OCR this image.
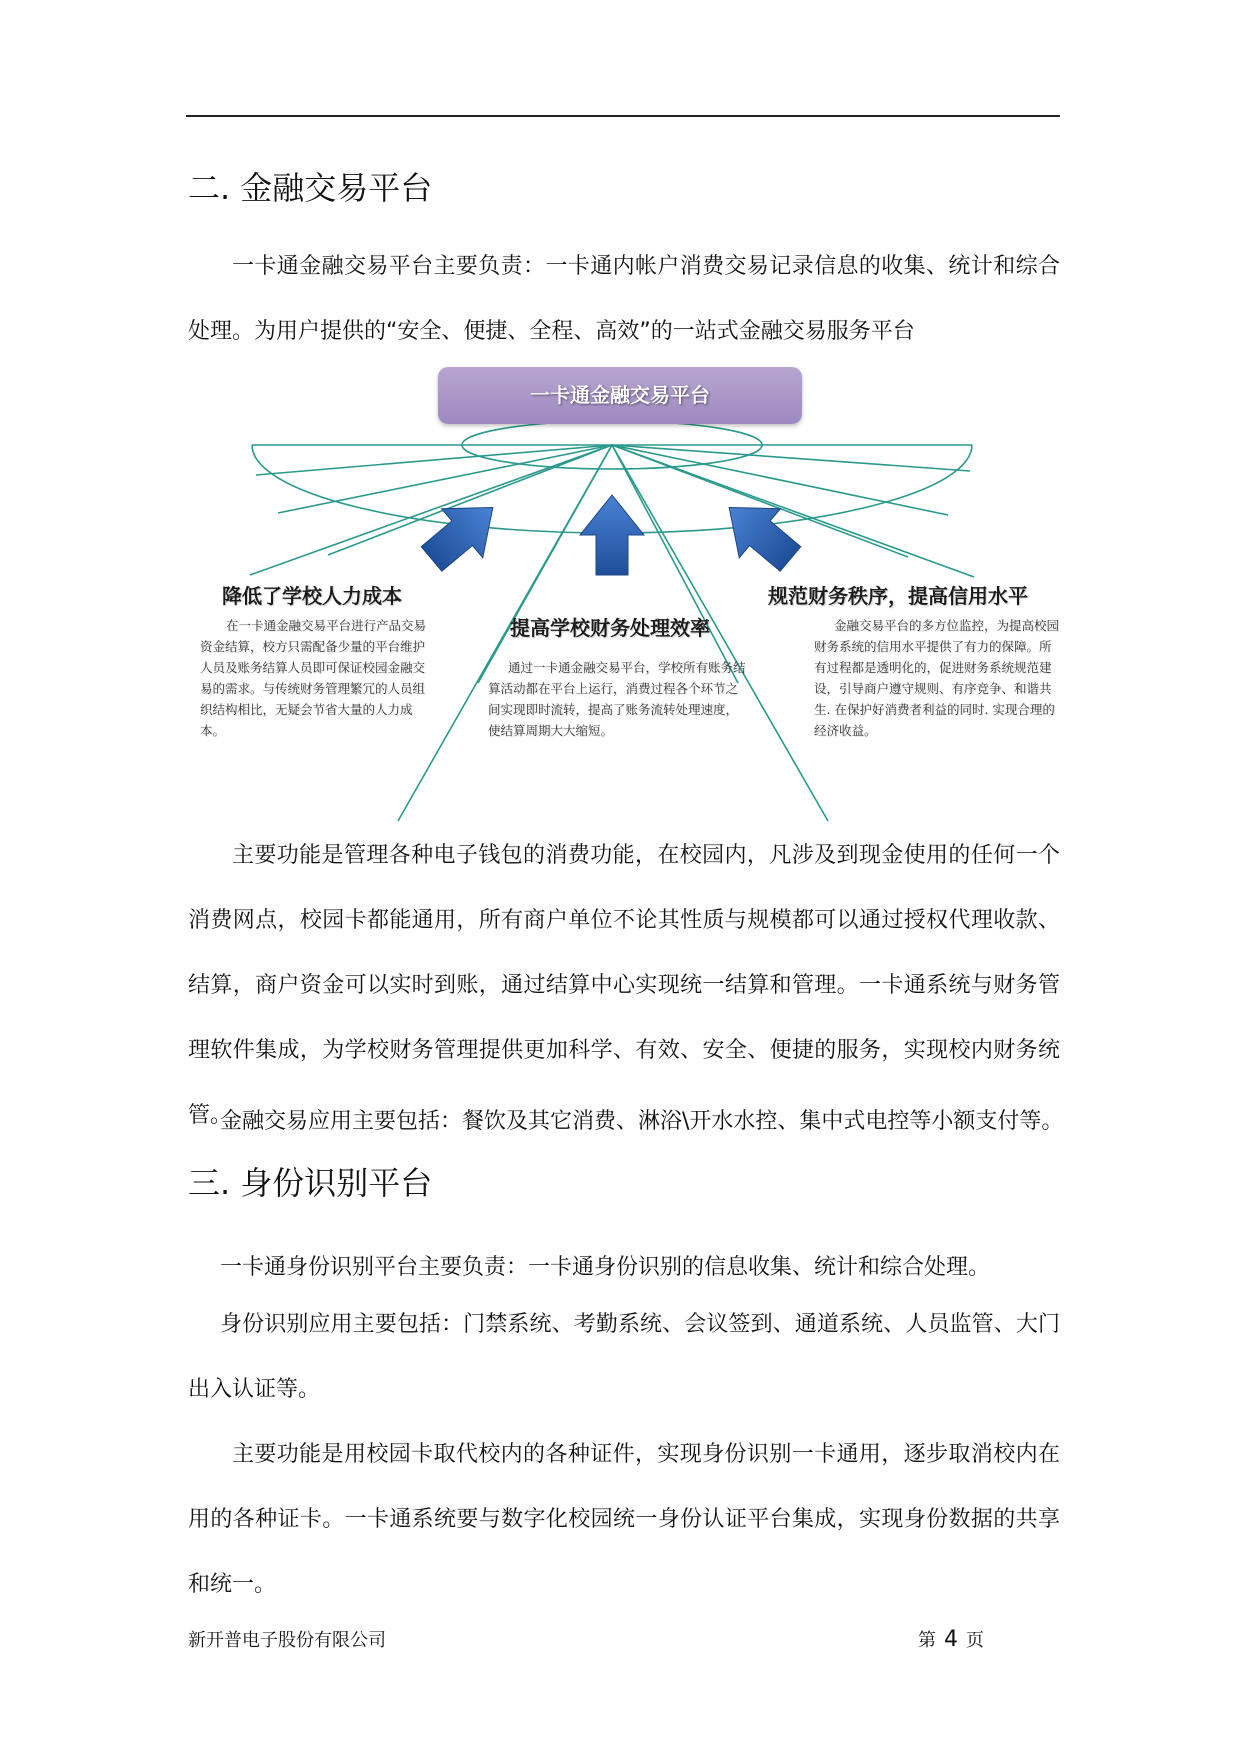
二. 金融交易平台

一卡通金融交易平台主要负责：一卡通内帐户消费交易记录信息的收集、统计和综合处理。为用户提供的“安全、便捷、全程、高效”的一站式金融交易服务平台

一卡通金融交易平台
降低了学校人力成本
在一卡通金融交易平台进行产品交易资金结算，校方只需配备少量的平台维护人员及账务结算人员即可保证校园金融交易的需求。与传统财务管理繁冗的人员组织结构相比，无疑会节省大量的人力成本。
提高学校财务处理效率
通过一卡通金融交易平台，学校所有账务结算活动都在平台上运行，消费过程各个环节之间实现即时流转，提高了账务流转处理速度，使结算周期大大缩短。
规范财务秩序，提高信用水平
金融交易平台的多方位监控，为提高校园财务系统的信用水平提供了有力的保障。所有过程都是透明化的，促进财务系统规范建设，引导商户遵守规则、有序竞争、和谐共生. 在保护好消费者利益的同时. 实现合理的经济收益。

主要功能是管理各种电子钱包的消费功能，在校园内，凡涉及到现金使用的任何一个消费网点，校园卡都能通用，所有商户单位不论其性质与规模都可以通过授权代理收款、结算，商户资金可以实时到账，通过结算中心实现统一结算和管理。一卡通系统与财务管理软件集成，为学校财务管理提供更加科学、有效、安全、便捷的服务，实现校内财务统管。

金融交易应用主要包括：餐饮及其它消费、淋浴\开水水控、集中式电控等小额支付等。

三. 身份识别平台

一卡通身份识别平台主要负责：一卡通身份识别的信息收集、统计和综合处理。

身份识别应用主要包括：门禁系统、考勤系统、会议签到、通道系统、人员监管、大门出入认证等。

主要功能是用校园卡取代校内的各种证件，实现身份识别一卡通用，逐步取消校内在用的各种证卡。一卡通系统要与数字化校园统一身份认证平台集成，实现身份数据的共享和统一。

新开普电子股份有限公司	第 4 页
